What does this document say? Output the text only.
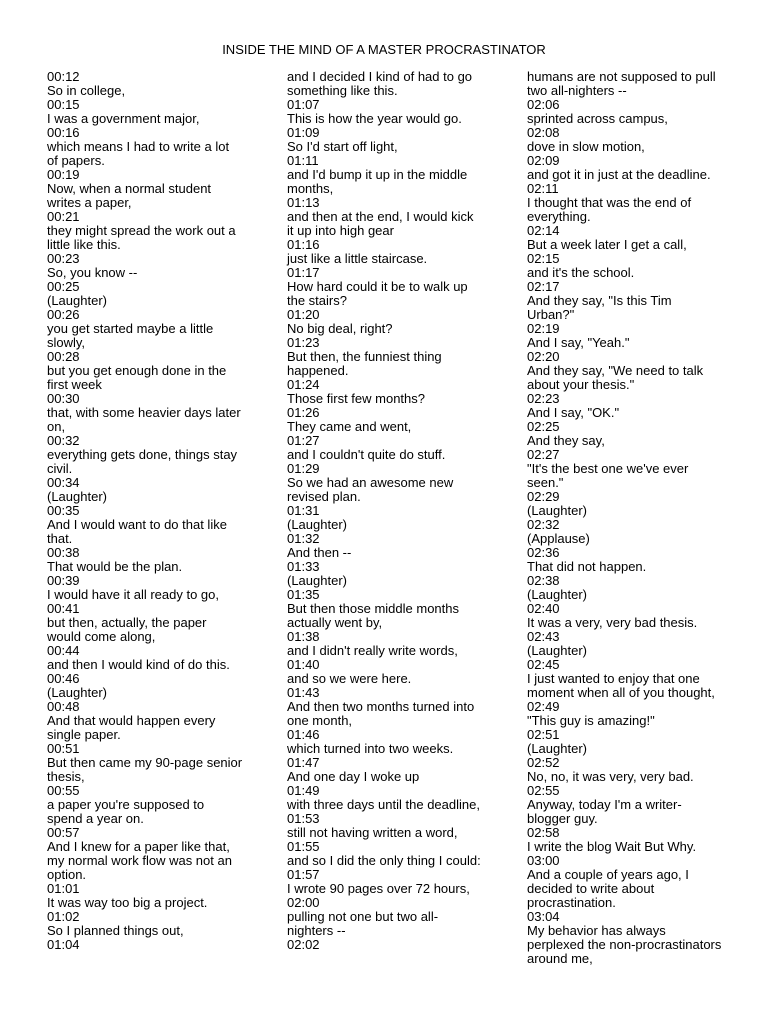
INSIDE THE MIND OF A MASTER PROCRASTINATOR
00:12
So in college,
00:15
I was a government major,
00:16
which means I had to write a lot
of papers.
00:19
Now, when a normal student
writes a paper,
00:21
they might spread the work out a
little like this.
00:23
So, you know --
00:25
(Laughter)
00:26
you get started maybe a little
slowly,
00:28
but you get enough done in the
first week
00:30
that, with some heavier days later
on,
00:32
everything gets done, things stay
civil.
00:34
(Laughter)
00:35
And I would want to do that like
that.
00:38
That would be the plan.
00:39
I would have it all ready to go,
00:41
but then, actually, the paper
would come along,
00:44
and then I would kind of do this.
00:46
(Laughter)
00:48
And that would happen every
single paper.
00:51
But then came my 90-page senior
thesis,
00:55
a paper you're supposed to
spend a year on.
00:57
And I knew for a paper like that,
my normal work flow was not an
option.
01:01
It was way too big a project.
01:02
So I planned things out,
01:04
and I decided I kind of had to go
something like this.
01:07
This is how the year would go.
01:09
So I'd start off light,
01:11
and I'd bump it up in the middle
months,
01:13
and then at the end, I would kick
it up into high gear
01:16
just like a little staircase.
01:17
How hard could it be to walk up
the stairs?
01:20
No big deal, right?
01:23
But then, the funniest thing
happened.
01:24
Those first few months?
01:26
They came and went,
01:27
and I couldn't quite do stuff.
01:29
So we had an awesome new
revised plan.
01:31
(Laughter)
01:32
And then --
01:33
(Laughter)
01:35
But then those middle months
actually went by,
01:38
and I didn't really write words,
01:40
and so we were here.
01:43
And then two months turned into
one month,
01:46
which turned into two weeks.
01:47
And one day I woke up
01:49
with three days until the deadline,
01:53
still not having written a word,
01:55
and so I did the only thing I could:
01:57
I wrote 90 pages over 72 hours,
02:00
pulling not one but two all-
nighters --
02:02
humans are not supposed to pull
two all-nighters --
02:06
sprinted across campus,
02:08
dove in slow motion,
02:09
and got it in just at the deadline.
02:11
I thought that was the end of
everything.
02:14
But a week later I get a call,
02:15
and it's the school.
02:17
And they say, "Is this Tim
Urban?"
02:19
And I say, "Yeah."
02:20
And they say, "We need to talk
about your thesis."
02:23
And I say, "OK."
02:25
And they say,
02:27
"It's the best one we've ever
seen."
02:29
(Laughter)
02:32
(Applause)
02:36
That did not happen.
02:38
(Laughter)
02:40
It was a very, very bad thesis.
02:43
(Laughter)
02:45
I just wanted to enjoy that one
moment when all of you thought,
02:49
"This guy is amazing!"
02:51
(Laughter)
02:52
No, no, it was very, very bad.
02:55
Anyway, today I'm a writer-
blogger guy.
02:58
I write the blog Wait But Why.
03:00
And a couple of years ago, I
decided to write about
procrastination.
03:04
My behavior has always
perplexed the non-procrastinators
around me,
